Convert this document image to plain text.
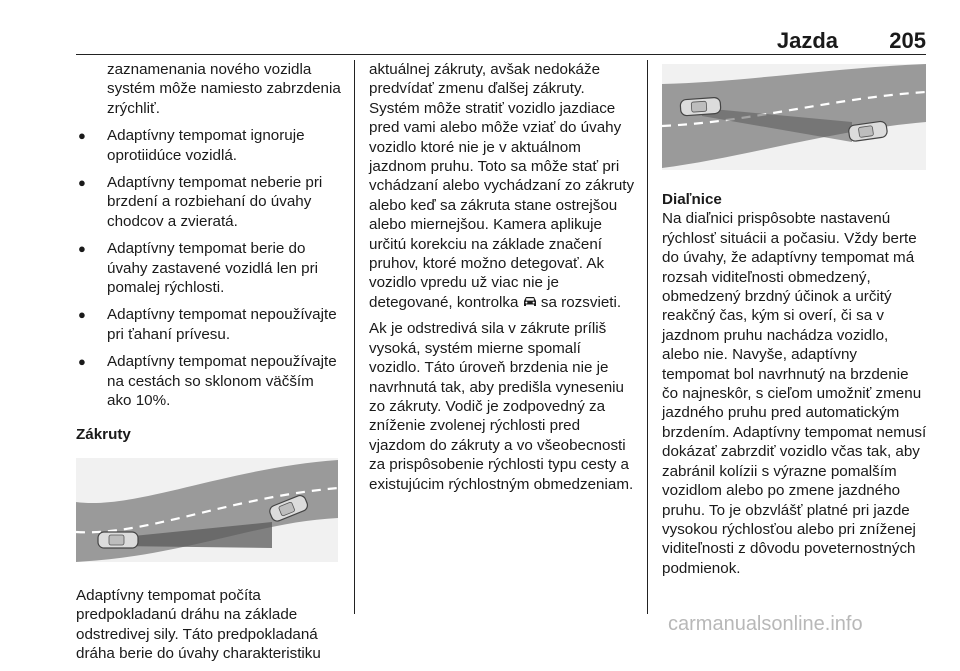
Jazda 205

zaznamenania nového vozidla systém môže namiesto zabrzdenia zrýchliť.

● Adaptívny tempomat ignoruje oprotiidúce vozidlá.
● Adaptívny tempomat neberie pri brzdení a rozbiehaní do úvahy chodcov a zvieratá.
● Adaptívny tempomat berie do úvahy zastavené vozidlá len pri pomalej rýchlosti.
● Adaptívny tempomat nepoužívajte pri ťahaní prívesu.
● Adaptívny tempomat nepoužívajte na cestách so sklonom väčším ako 10%.

Zákruty

Adaptívny tempomat počíta predpokladanú dráhu na základe odstredivej sily. Táto predpokladaná dráha berie do úvahy charakteristiku

aktuálnej zákruty, avšak nedokáže predvídať zmenu ďalšej zákruty. Systém môže stratiť vozidlo jazdiace pred vami alebo môže vziať do úvahy vozidlo ktoré nie je v aktuálnom jazdnom pruhu. Toto sa môže stať pri vchádzaní alebo vychádzaní zo zákruty alebo keď sa zákruta stane ostrejšou alebo miernejšou. Kamera aplikuje určitú korekciu na základe značení pruhov, ktoré možno detegovať. Ak vozidlo vpredu už viac nie je detegované, kontrolka sa rozsvieti.

Ak je odstredivá sila v zákrute príliš vysoká, systém mierne spomalí vozidlo. Táto úroveň brzdenia nie je navrhnutá tak, aby predišla vyneseniu zo zákruty. Vodič je zodpovedný za zníženie zvolenej rýchlosti pred vjazdom do zákruty a vo všeobecnosti za prispôsobenie rýchlosti typu cesty a existujúcim rýchlostným obmedzeniam.

Diaľnice

Na diaľnici prispôsobte nastavenú rýchlosť situácii a počasiu. Vždy berte do úvahy, že adaptívny tempomat má rozsah viditeľnosti obmedzený, obmedzený brzdný účinok a určitý reakčný čas, kým si overí, či sa v jazdnom pruhu nachádza vozidlo, alebo nie. Navyše, adaptívny tempomat bol navrhnutý na brzdenie čo najneskôr, s cieľom umožniť zmenu jazdného pruhu pred automatickým brzdením. Adaptívny tempomat nemusí dokázať zabrzdiť vozidlo včas tak, aby zabránil kolízii s výrazne pomalším vozidlom alebo po zmene jazdného pruhu. To je obzvlášť platné pri jazde vysokou rýchlosťou alebo pri zníženej viditeľnosti z dôvodu poveternostných podmienok.

carmanualsonline.info
